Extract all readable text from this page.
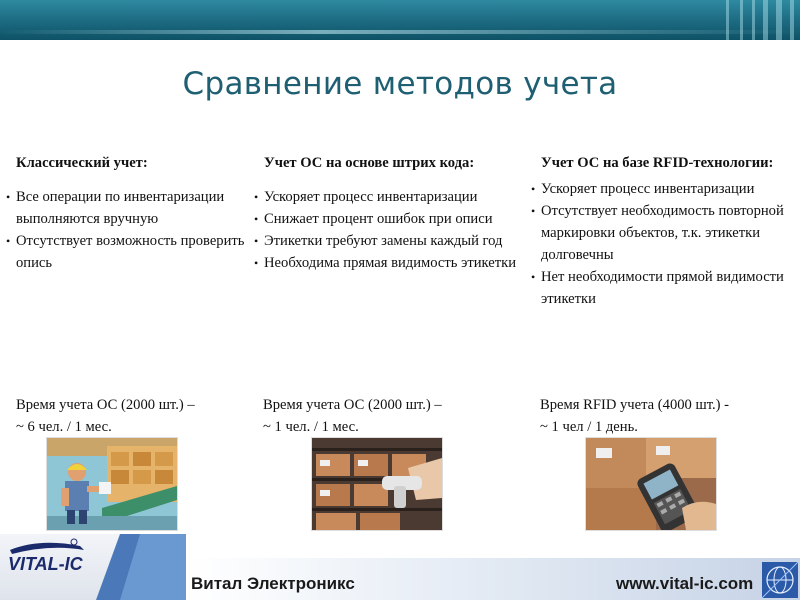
Сравнение методов учета
Классический учет:
• Все операции по инвентаризации выполняются вручную
• Отсутствует возможность проверить опись
Учет ОС на основе штрих кода:
• Ускоряет процесс инвентаризации
• Снижает процент ошибок при описи
• Этикетки требуют замены каждый год
• Необходима прямая видимость этикетки
Учет ОС на базе RFID-технологии:
• Ускоряет процесс инвентаризации
• Отсутствует необходимость повторной маркировки объектов, т.к. этикетки долговечны
• Нет необходимости прямой видимости этикетки
Время учета ОС (2000 шт.) –
~ 6 чел. / 1 мес.
Время учета ОС (2000 шт.) –
~ 1 чел. / 1 мес.
Время RFID учета (4000 шт.) -
~ 1 чел / 1 день.
VITAL-IC
Витал Электроникс	www.vital-ic.com
